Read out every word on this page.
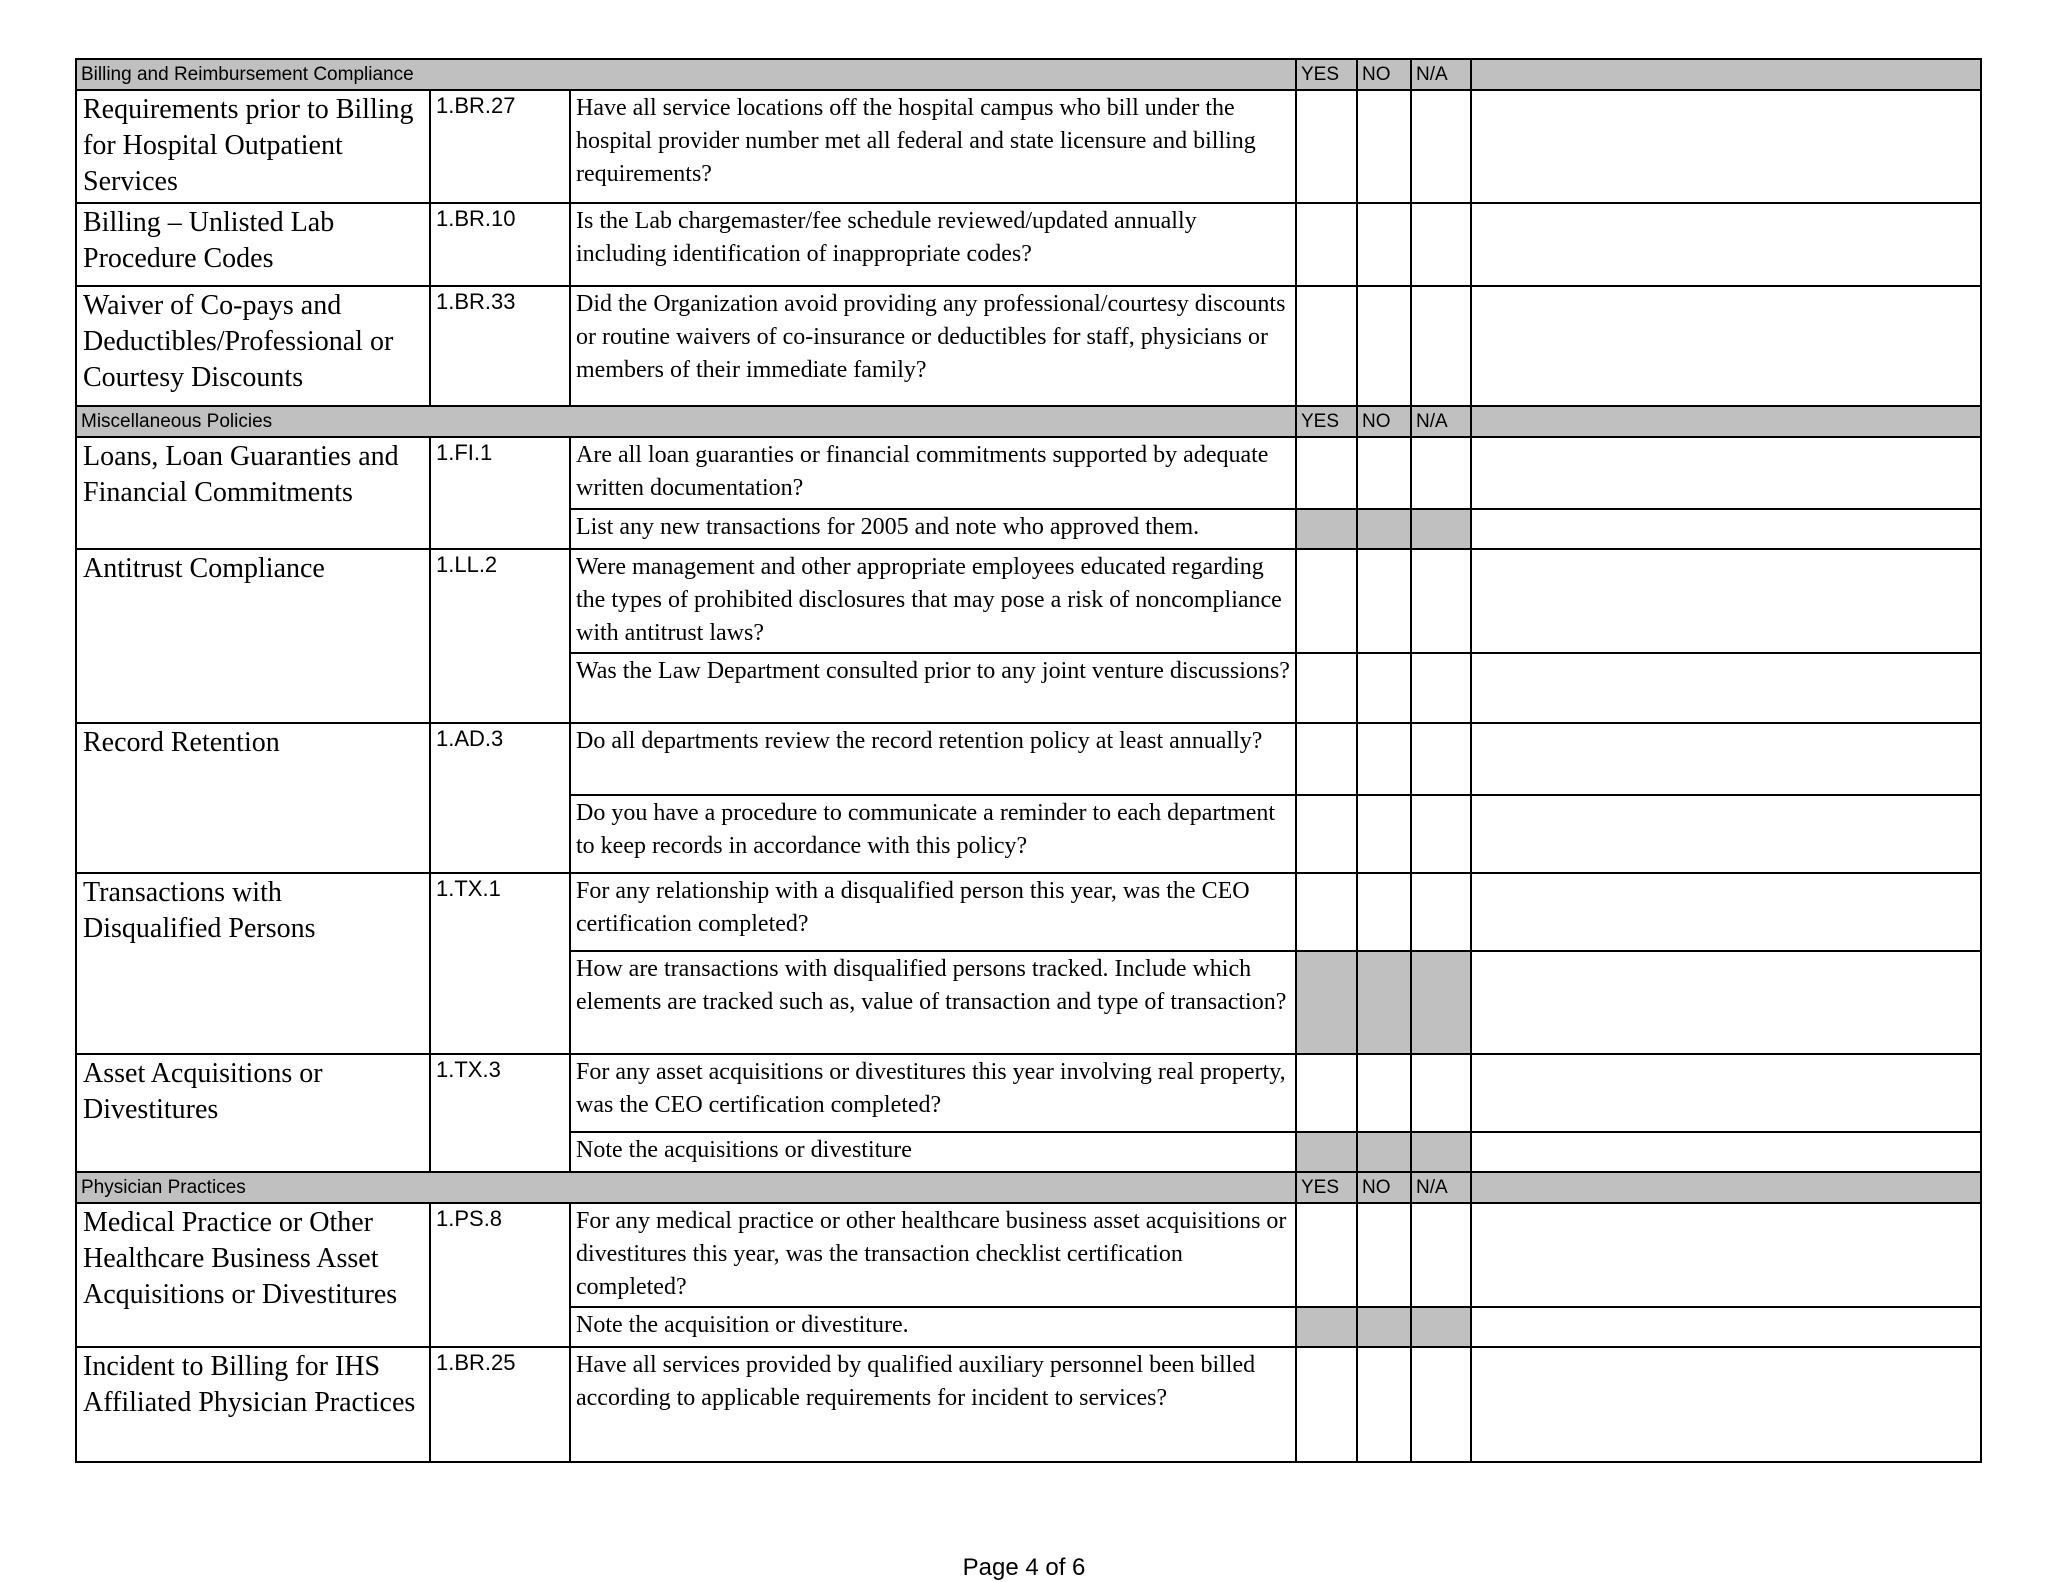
Billing and Reimbursement Compliance			YES	NO	N/A	
Requirements prior to Billing for Hospital Outpatient Services	1.BR.27	Have all service locations off the hospital campus who bill under the hospital provider number met all federal and state licensure and billing requirements?				
Billing – Unlisted Lab Procedure Codes	1.BR.10	Is the Lab chargemaster/fee schedule reviewed/updated annually including identification of inappropriate codes?				
Waiver of Co-pays and Deductibles/Professional or Courtesy Discounts	1.BR.33	Did the Organization avoid providing any professional/courtesy discounts or routine waivers of co-insurance or deductibles for staff, physicians or members of their immediate family?				
Miscellaneous Policies			YES	NO	N/A	
Loans, Loan Guaranties and Financial Commitments	1.FI.1	Are all loan guaranties or financial commitments supported by adequate written documentation?				
		List any new transactions for 2005 and note who approved them.				
Antitrust Compliance	1.LL.2	Were management and other appropriate employees educated regarding the types of prohibited disclosures that may pose a risk of noncompliance with antitrust laws?				
		Was the Law Department consulted prior to any joint venture discussions?				
Record Retention	1.AD.3	Do all departments review the record retention policy at least annually?				
		Do you have a procedure to communicate a reminder to each department to keep records in accordance with this policy?				
Transactions with Disqualified Persons	1.TX.1	For any relationship with a disqualified person this year, was the CEO certification completed?				
		How are transactions with disqualified persons tracked. Include which elements are tracked such as, value of transaction and type of transaction?				
Asset Acquisitions or Divestitures	1.TX.3	For any asset acquisitions or divestitures this year involving real property, was the CEO certification completed?				
		Note the acquisitions or divestiture				
Physician Practices			YES	NO	N/A	
Medical Practice or Other Healthcare Business Asset Acquisitions or Divestitures	1.PS.8	For any medical practice or other healthcare business asset acquisitions or divestitures this year, was the transaction checklist certification completed?				
		Note the acquisition or divestiture.				
Incident to Billing for IHS Affiliated Physician Practices	1.BR.25	Have all services provided by qualified auxiliary personnel been billed according to applicable requirements for incident to services?				
Page 4 of 6
